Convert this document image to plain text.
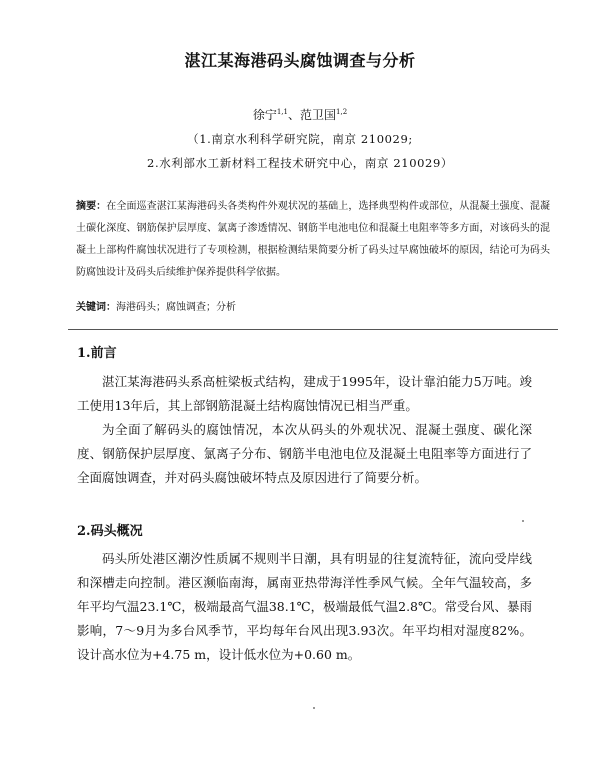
湛江某海港码头腐蚀调查与分析
徐宁$^{1,1}$、范卫国$^{1,2}$
（1.南京水利科学研究院，南京 210029;
2.水利部水工新材料工程技术研究中心，南京 210029）
摘要：在全面巡查湛江某海港码头各类构件外观状况的基础上，选择典型构件或部位，从混凝土强度、混凝土碳化深度、钢筋保护层厚度、氯离子渗透情况、钢筋半电池电位和混凝土电阻率等多方面，对该码头的混凝土上部构件腐蚀状况进行了专项检测，根据检测结果简要分析了码头过早腐蚀破坏的原因，结论可为码头防腐蚀设计及码头后续维护保养提供科学依据。
关键词：海港码头；腐蚀调查；分析
1.前言
湛江某海港码头系高桩梁板式结构，建成于1995年，设计靠泊能力5万吨。竣工使用13年后，其上部钢筋混凝土结构腐蚀情况已相当严重。
为全面了解码头的腐蚀情况，本次从码头的外观状况、混凝土强度、碳化深度、钢筋保护层厚度、氯离子分布、钢筋半电池电位及混凝土电阻率等方面进行了全面腐蚀调查，并对码头腐蚀破坏特点及原因进行了简要分析。
2.码头概况
码头所处港区潮汐性质属不规则半日潮，具有明显的往复流特征，流向受岸线和深槽走向控制。港区濒临南海，属南亚热带海洋性季风气候。全年气温较高，多年平均气温23.1℃，极端最高气温38.1℃，极端最低气温2.8℃。常受台风、暴雨影响，7～9月为多台风季节，平均每年台风出现3.93次。年平均相对湿度82%。设计高水位为+4.75 m，设计低水位为+0.60 m。
